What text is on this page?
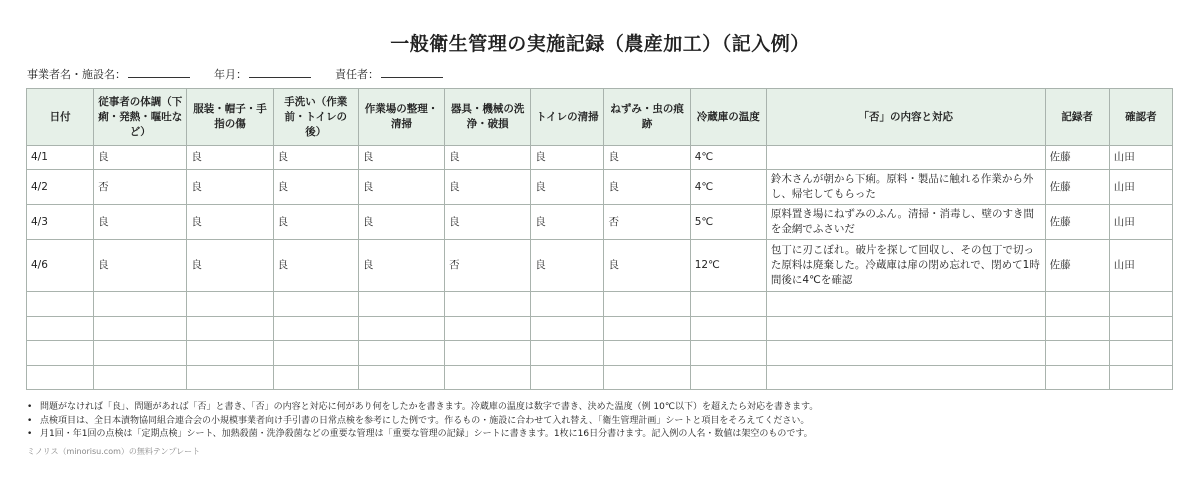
一般衛生管理の実施記録（農産加工）（記入例）
事業者名・施設名：	年月：	責任者：
日付	従事者の体調（下痢・発熱・嘔吐など）	服装・帽子・手指の傷	手洗い（作業前・トイレの後）	作業場の整理・清掃	器具・機械の洗浄・破損	トイレの清掃	ねずみ・虫の痕跡	冷蔵庫の温度	「否」の内容と対応	記録者	確認者
4/1	良	良	良	良	良	良	良	4℃		佐藤	山田
4/2	否	良	良	良	良	良	良	4℃	鈴木さんが朝から下痢。原料・製品に触れる作業から外し、帰宅してもらった	佐藤	山田
4/3	良	良	良	良	良	良	否	5℃	原料置き場にねずみのふん。清掃・消毒し、壁のすき間を金網でふさいだ	佐藤	山田
4/6	良	良	良	良	否	良	良	12℃	包丁に刃こぼれ。破片を探して回収し、その包丁で切った原料は廃棄した。冷蔵庫は扉の閉め忘れで、閉めて1時間後に4℃を確認	佐藤	山田

• 問題がなければ「良」、問題があれば「否」と書き、「否」の内容と対応に何があり何をしたかを書きます。冷蔵庫の温度は数字で書き、決めた温度（例 10℃以下）を超えたら対応を書きます。
• 点検項目は、全日本漬物協同組合連合会の小規模事業者向け手引書の日常点検を参考にした例です。作るもの・施設に合わせて入れ替え、「衛生管理計画」シートと項目をそろえてください。
• 月1回・年1回の点検は「定期点検」シート、加熱殺菌・洗浄殺菌などの重要な管理は「重要な管理の記録」シートに書きます。1枚に16日分書けます。記入例の人名・数値は架空のものです。
ミノリス（minorisu.com）の無料テンプレート
